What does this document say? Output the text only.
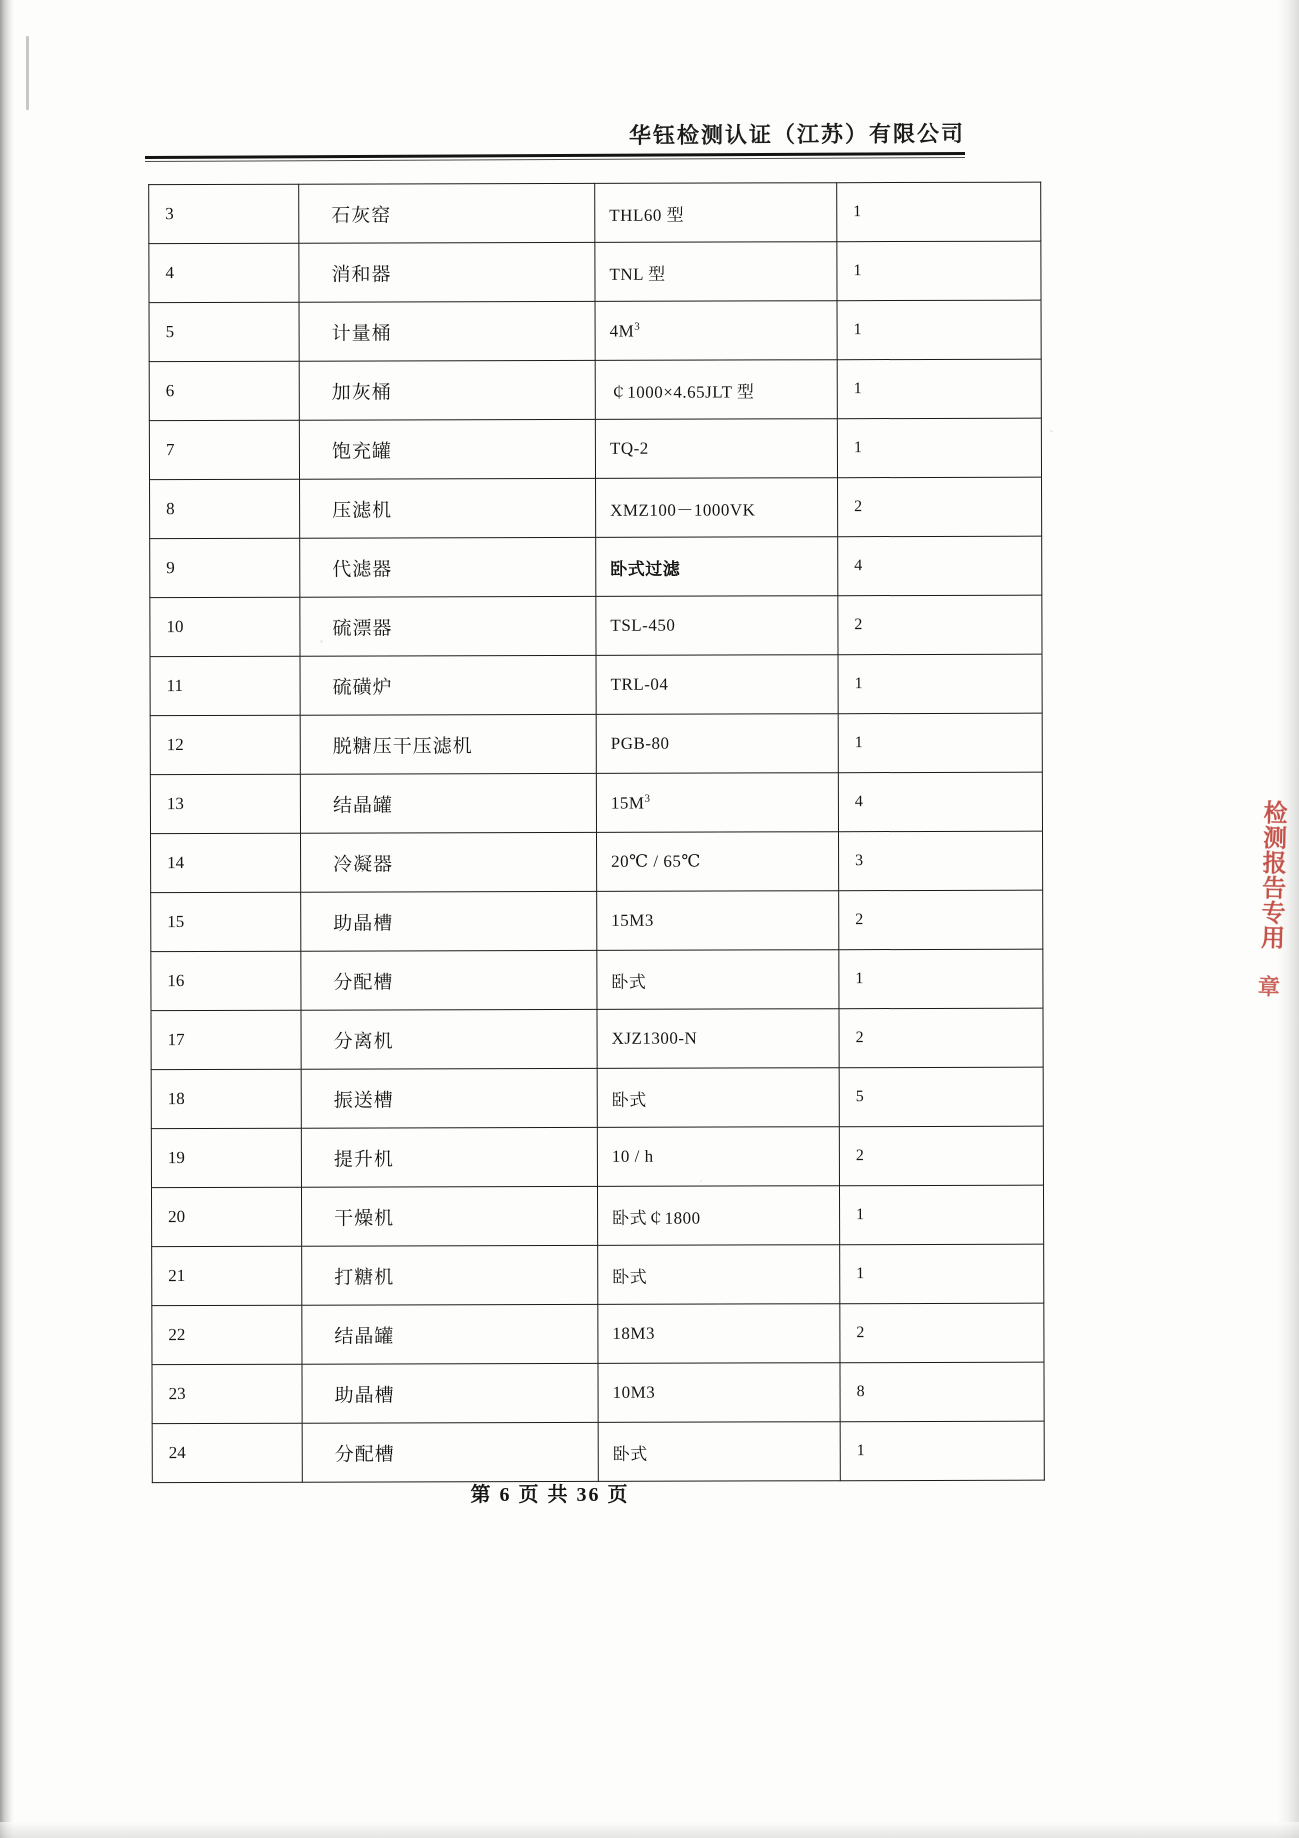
华钰检测认证（江苏）有限公司
3	石灰窑	THL60 型	1
4	消和器	TNL 型	1
5	计量桶	$4M^3$	1
6	加灰桶	￠1000×4.65JLT 型	1
7	饱充罐	TQ-2	1
8	压滤机	XMZ100－1000VK	2
9	代滤器	卧式过滤	4
10	硫漂器	TSL-450	2
11	硫磺炉	TRL-04	1
12	脱糖压干压滤机	PGB-80	1
13	结晶罐	$15M^3$	4
14	冷凝器	20℃ / 65℃	3
15	助晶槽	15M3	2
16	分配槽	卧式	1
17	分离机	XJZ1300-N	2
18	振送槽	卧式	5
19	提升机	10 / h	2
20	干燥机	卧式￠1800	1
21	打糖机	卧式	1
22	结晶罐	18M3	2
23	助晶槽	10M3	8
24	分配槽	卧式	1
检测报告专用
章
第 6 页 共 36 页
